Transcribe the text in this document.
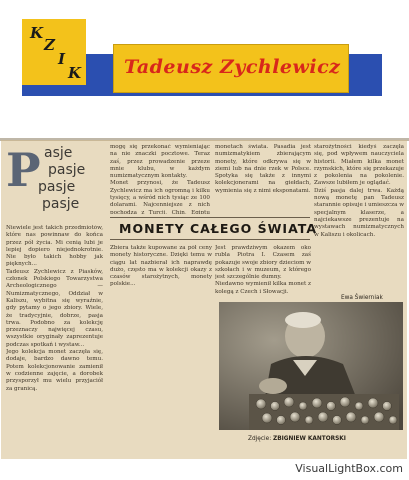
K
Z
I
K Tadeusz Zychlewicz
P asje
pasje
pasje
pasje

Niewiele jest takich przedmiotów, które nas powinnaw do końca przez pół życia. Mi cenią lubi je lepiej dopiero niejednokrotnie. Nie było takich hobby jak pięknych...

Tadeusz Zychlewicz z Piasków, członek Polskiego Towarzystwa Archeologicznego — Numizmatycznego, Oddział w Kaliszu, wybitna się wyraźnie, gdy pytamy o jego zbiory. Wiele, że tradycyjnie, dobrze, pasja trwa. Podobno za kolekcję przeznaczy najwięcej czasu, wszystkie oryginały zaprezentuje podczas spotkań i wystaw...

Jego kolekcja monet zaczęła się, dodaje, bardzo dawno temu. Potem kolekcjonowanie zamienił w codzienne zajęcie, a dorobek przysporzył mu wielu przyjaciół za granicą.

mogę się przekonać wymieniając na nie znaczki pocztowe. Teraz zaś, przez prowadzenie przeze mnie klubu, w każdym numizmatycznym kontakty.

Monet przynosi, że Tadeusz Zychlewicz ma ich ogromną i kilku tysięcy, a wśród nich tysiąc ze 100 dolarami. Najcenniejsze z nich pochodzą z Turcji, Chin, Egiptu

monetach świata. Pasadia jest numizmatykiem zbierającym monety, które odkrywa się w ziemi lub na dnie rzek w Polsce. Spotyka się także z innymi kolekcjonerami na giełdach, wymienia się z nimi eksponatami.

starożytności kiedyś zaczęła się, pod wpływem nauczyciela historii. Miałem kilka monet rzymskich, które się przekazuje z pokolenia na pokolenie. Zawsze lubiłem je oglądać.

Dziś pasja dalej trwa. Każdą nową monetę pan Tadeusz starannie opisuje i umieszcza w specjalnym klaserze, a najciekawsze prezentuje na wystawach numizmatycznych w Kaliszu i okolicach.

MONETY CAŁEGO ŚWIATA

Zbiera także kupowane za pół ceny monety historyczne. Dzięki temu w ciągu lat nazbierał ich naprawdę dużo, często ma w kolekcji okazy z czasów starożytnych, monety polskie...

Jest prawdziwym okazem oko rubla Piotra I. Czasem zaś pokazuje swoje zbiory dzieciom w szkołach i w muzeum, z którego jest szczególnie dumny.

Niedawno wymienił kilka monet z kolegą z Czech i Słowacji.

Ewa Świerniak
Zdjęcie: ZBIGNIEW KANTORSKI
VisualLightBox.com
